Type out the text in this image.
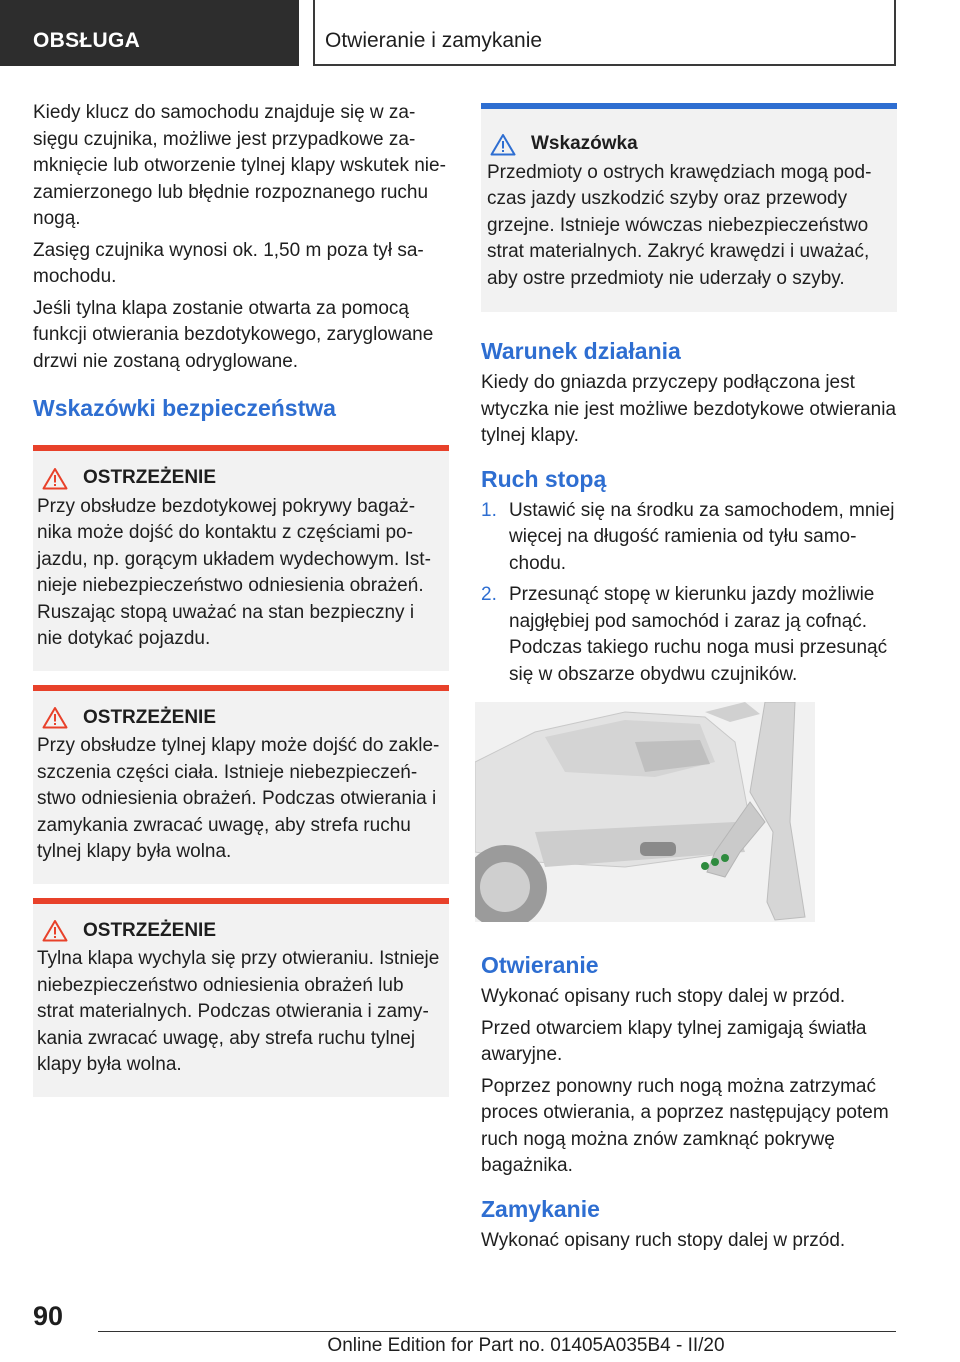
OBSŁUGA	Otwieranie i zamykanie

Kiedy klucz do samochodu znajduje się w zasięgu czujnika, możliwe jest przypadkowe zamknięcie lub otworzenie tylnej klapy wskutek niezamierzonego lub błędnie rozpoznanego ruchu nogą.

Zasięg czujnika wynosi ok. 1,50 m poza tył samochodu.

Jeśli tylna klapa zostanie otwarta za pomocą funkcji otwierania bezdotykowego, zaryglowane drzwi nie zostaną odryglowane.

Wskazówki bezpieczeństwa
OSTRZEŻENIE
Przy obsłudze bezdotykowej pokrywy bagażnika może dojść do kontaktu z częściami pojazdu, np. gorącym układem wydechowym. Istnieje niebezpieczeństwo odniesienia obrażeń. Ruszając stopą uważać na stan bezpieczny i nie dotykać pojazdu.
OSTRZEŻENIE
Przy obsłudze tylnej klapy może dojść do zakleszczenia części ciała. Istnieje niebezpieczeństwo odniesienia obrażeń. Podczas otwierania i zamykania zwracać uwagę, aby strefa ruchu tylnej klapy była wolna.
OSTRZEŻENIE
Tylna klapa wychyla się przy otwieraniu. Istnieje niebezpieczeństwo odniesienia obrażeń lub strat materialnych. Podczas otwierania i zamykania zwracać uwagę, aby strefa ruchu tylnej klapy była wolna.
Wskazówka
Przedmioty o ostrych krawędziach mogą podczas jazdy uszkodzić szyby oraz przewody grzejne. Istnieje wówczas niebezpieczeństwo strat materialnych. Zakryć krawędzi i uważać, aby ostre przedmioty nie uderzały o szyby.
Warunek działania

Kiedy do gniazda przyczepy podłączona jest wtyczka nie jest możliwe bezdotykowe otwierania tylnej klapy.

Ruch stopą
1. Ustawić się na środku za samochodem, mniej więcej na długość ramienia od tyłu samochodu.
2. Przesunąć stopę w kierunku jazdy możliwie najgłębiej pod samochód i zaraz ją cofnąć. Podczas takiego ruchu noga musi przesunąć się w obszarze obydwu czujników.
Otwieranie

Wykonać opisany ruch stopy dalej w przód.

Przed otwarciem klapy tylnej zamigają światła awaryjne.

Poprzez ponowny ruch nogą można zatrzymać proces otwierania, a poprzez następujący potem ruch nogą można znów zamknąć pokrywę bagażnika.

Zamykanie

Wykonać opisany ruch stopy dalej w przód.

90
Online Edition for Part no. 01405A035B4 - II/20
